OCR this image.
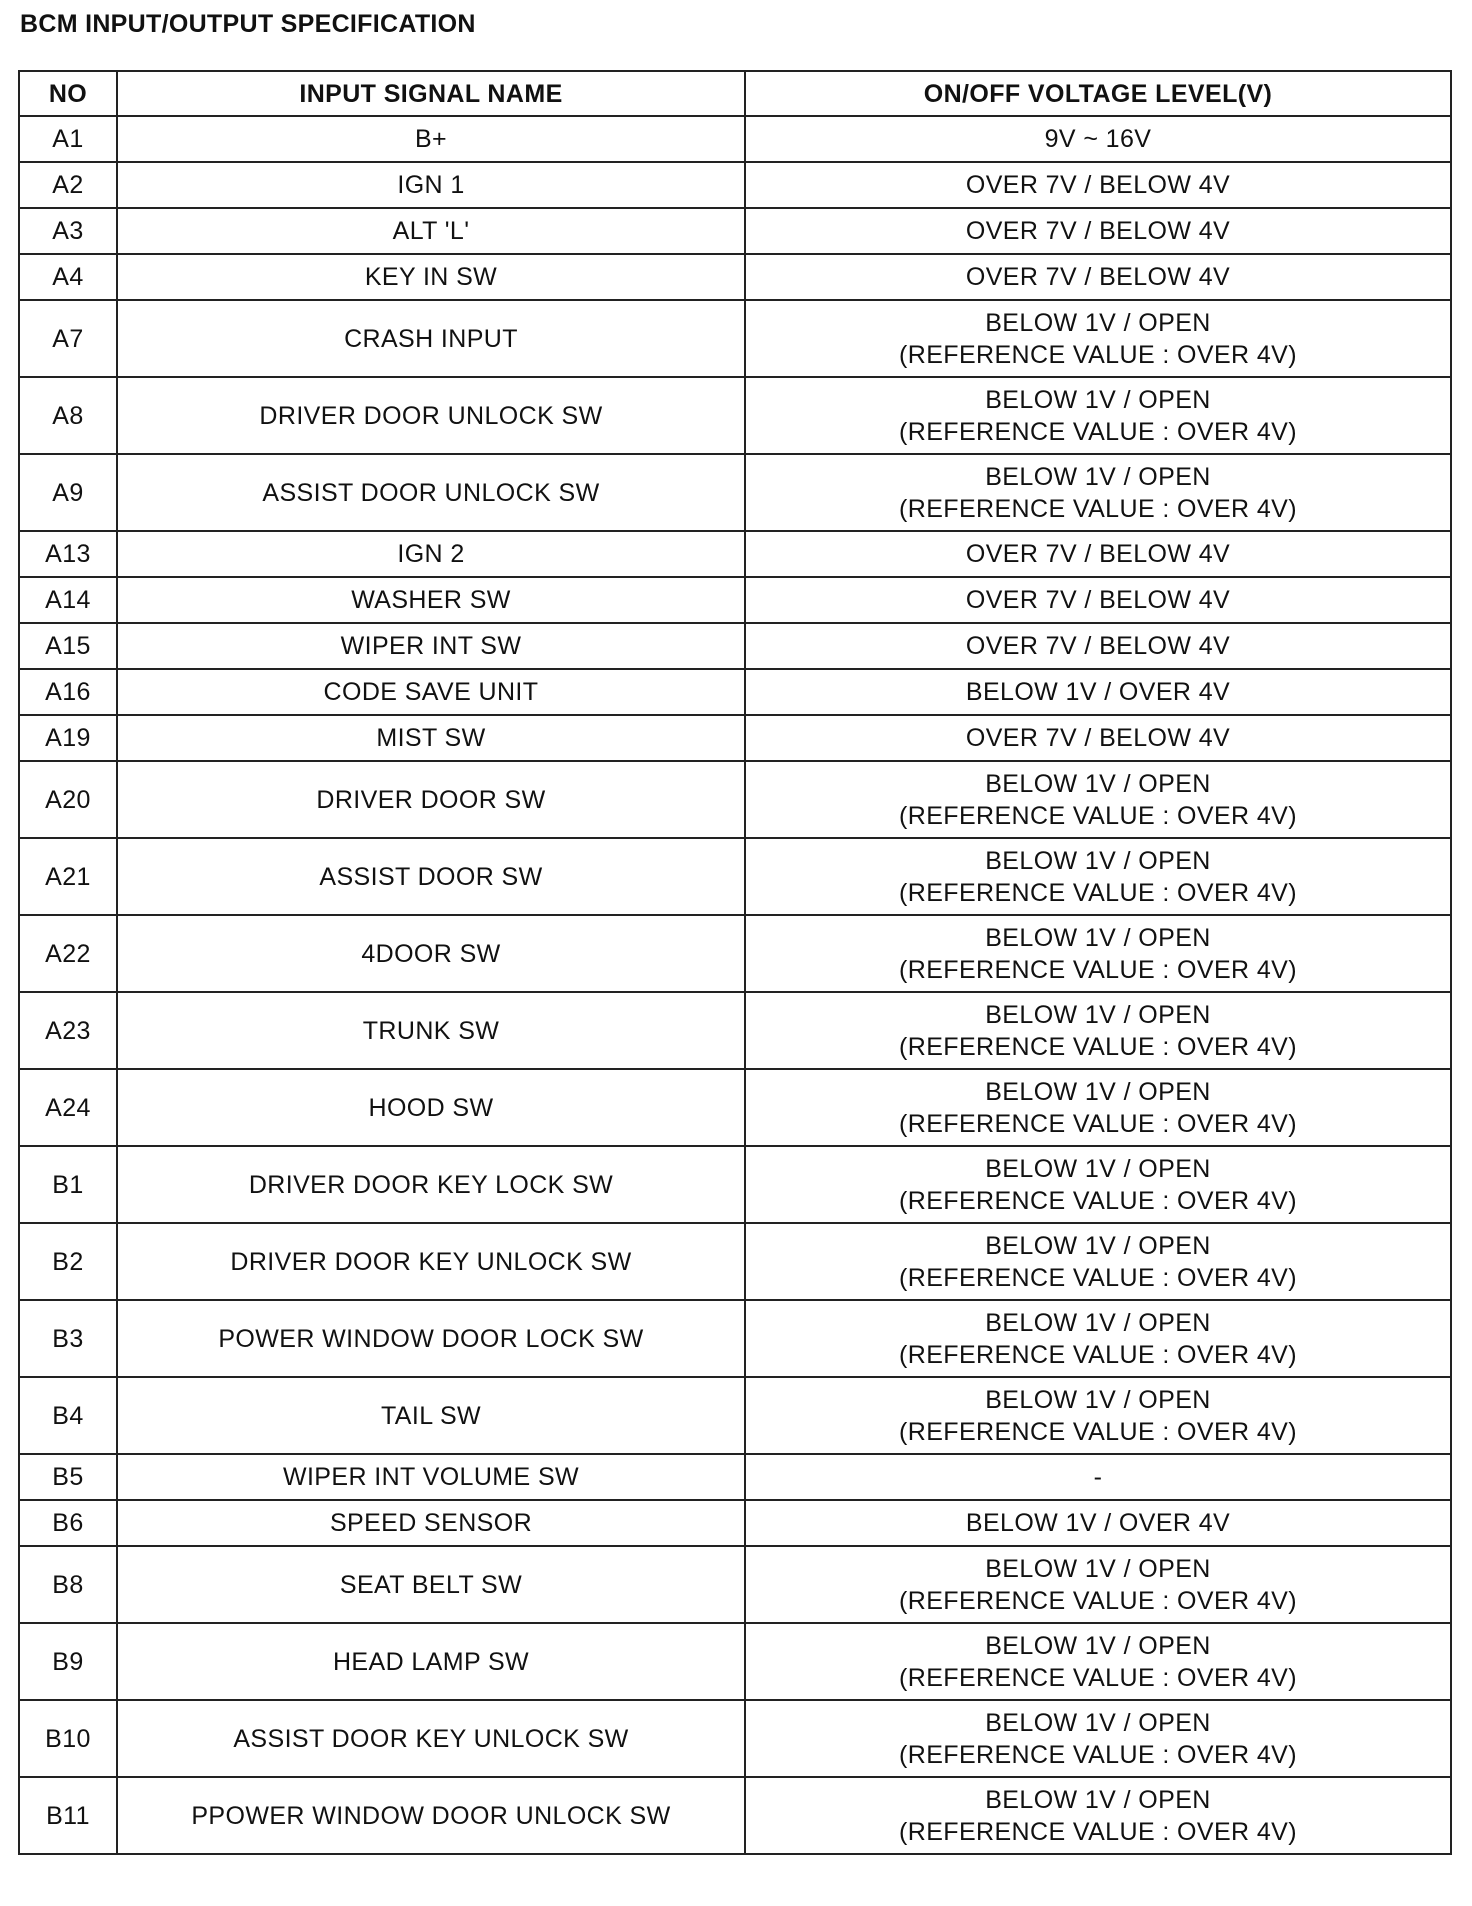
BCM INPUT/OUTPUT SPECIFICATION
NO	INPUT SIGNAL NAME	ON/OFF VOLTAGE LEVEL(V)
A1	B+	9V ~ 16V

A2	IGN 1	OVER 7V / BELOW 4V

A3	ALT 'L'	OVER 7V / BELOW 4V

A4	KEY IN SW	OVER 7V / BELOW 4V

A7	CRASH INPUT	BELOW 1V / OPEN
(REFERENCE VALUE : OVER 4V)

A8	DRIVER DOOR UNLOCK SW	BELOW 1V / OPEN
(REFERENCE VALUE : OVER 4V)

A9	ASSIST DOOR UNLOCK SW	BELOW 1V / OPEN
(REFERENCE VALUE : OVER 4V)

A13	IGN 2	OVER 7V / BELOW 4V

A14	WASHER SW	OVER 7V / BELOW 4V

A15	WIPER INT SW	OVER 7V / BELOW 4V

A16	CODE SAVE UNIT	BELOW 1V / OVER 4V

A19	MIST SW	OVER 7V / BELOW 4V

A20	DRIVER DOOR SW	BELOW 1V / OPEN
(REFERENCE VALUE : OVER 4V)

A21	ASSIST DOOR SW	BELOW 1V / OPEN
(REFERENCE VALUE : OVER 4V)

A22	4DOOR SW	BELOW 1V / OPEN
(REFERENCE VALUE : OVER 4V)

A23	TRUNK SW	BELOW 1V / OPEN
(REFERENCE VALUE : OVER 4V)

A24	HOOD SW	BELOW 1V / OPEN
(REFERENCE VALUE : OVER 4V)

B1	DRIVER DOOR KEY LOCK SW	BELOW 1V / OPEN
(REFERENCE VALUE : OVER 4V)

B2	DRIVER DOOR KEY UNLOCK SW	BELOW 1V / OPEN
(REFERENCE VALUE : OVER 4V)

B3	POWER WINDOW DOOR LOCK SW	BELOW 1V / OPEN
(REFERENCE VALUE : OVER 4V)

B4	TAIL SW	BELOW 1V / OPEN
(REFERENCE VALUE : OVER 4V)

B5	WIPER INT VOLUME SW	-

B6	SPEED SENSOR	BELOW 1V / OVER 4V

B8	SEAT BELT SW	BELOW 1V / OPEN
(REFERENCE VALUE : OVER 4V)

B9	HEAD LAMP SW	BELOW 1V / OPEN
(REFERENCE VALUE : OVER 4V)

B10	ASSIST DOOR KEY UNLOCK SW	BELOW 1V / OPEN
(REFERENCE VALUE : OVER 4V)

B11	PPOWER WINDOW DOOR UNLOCK SW	BELOW 1V / OPEN
(REFERENCE VALUE : OVER 4V)
